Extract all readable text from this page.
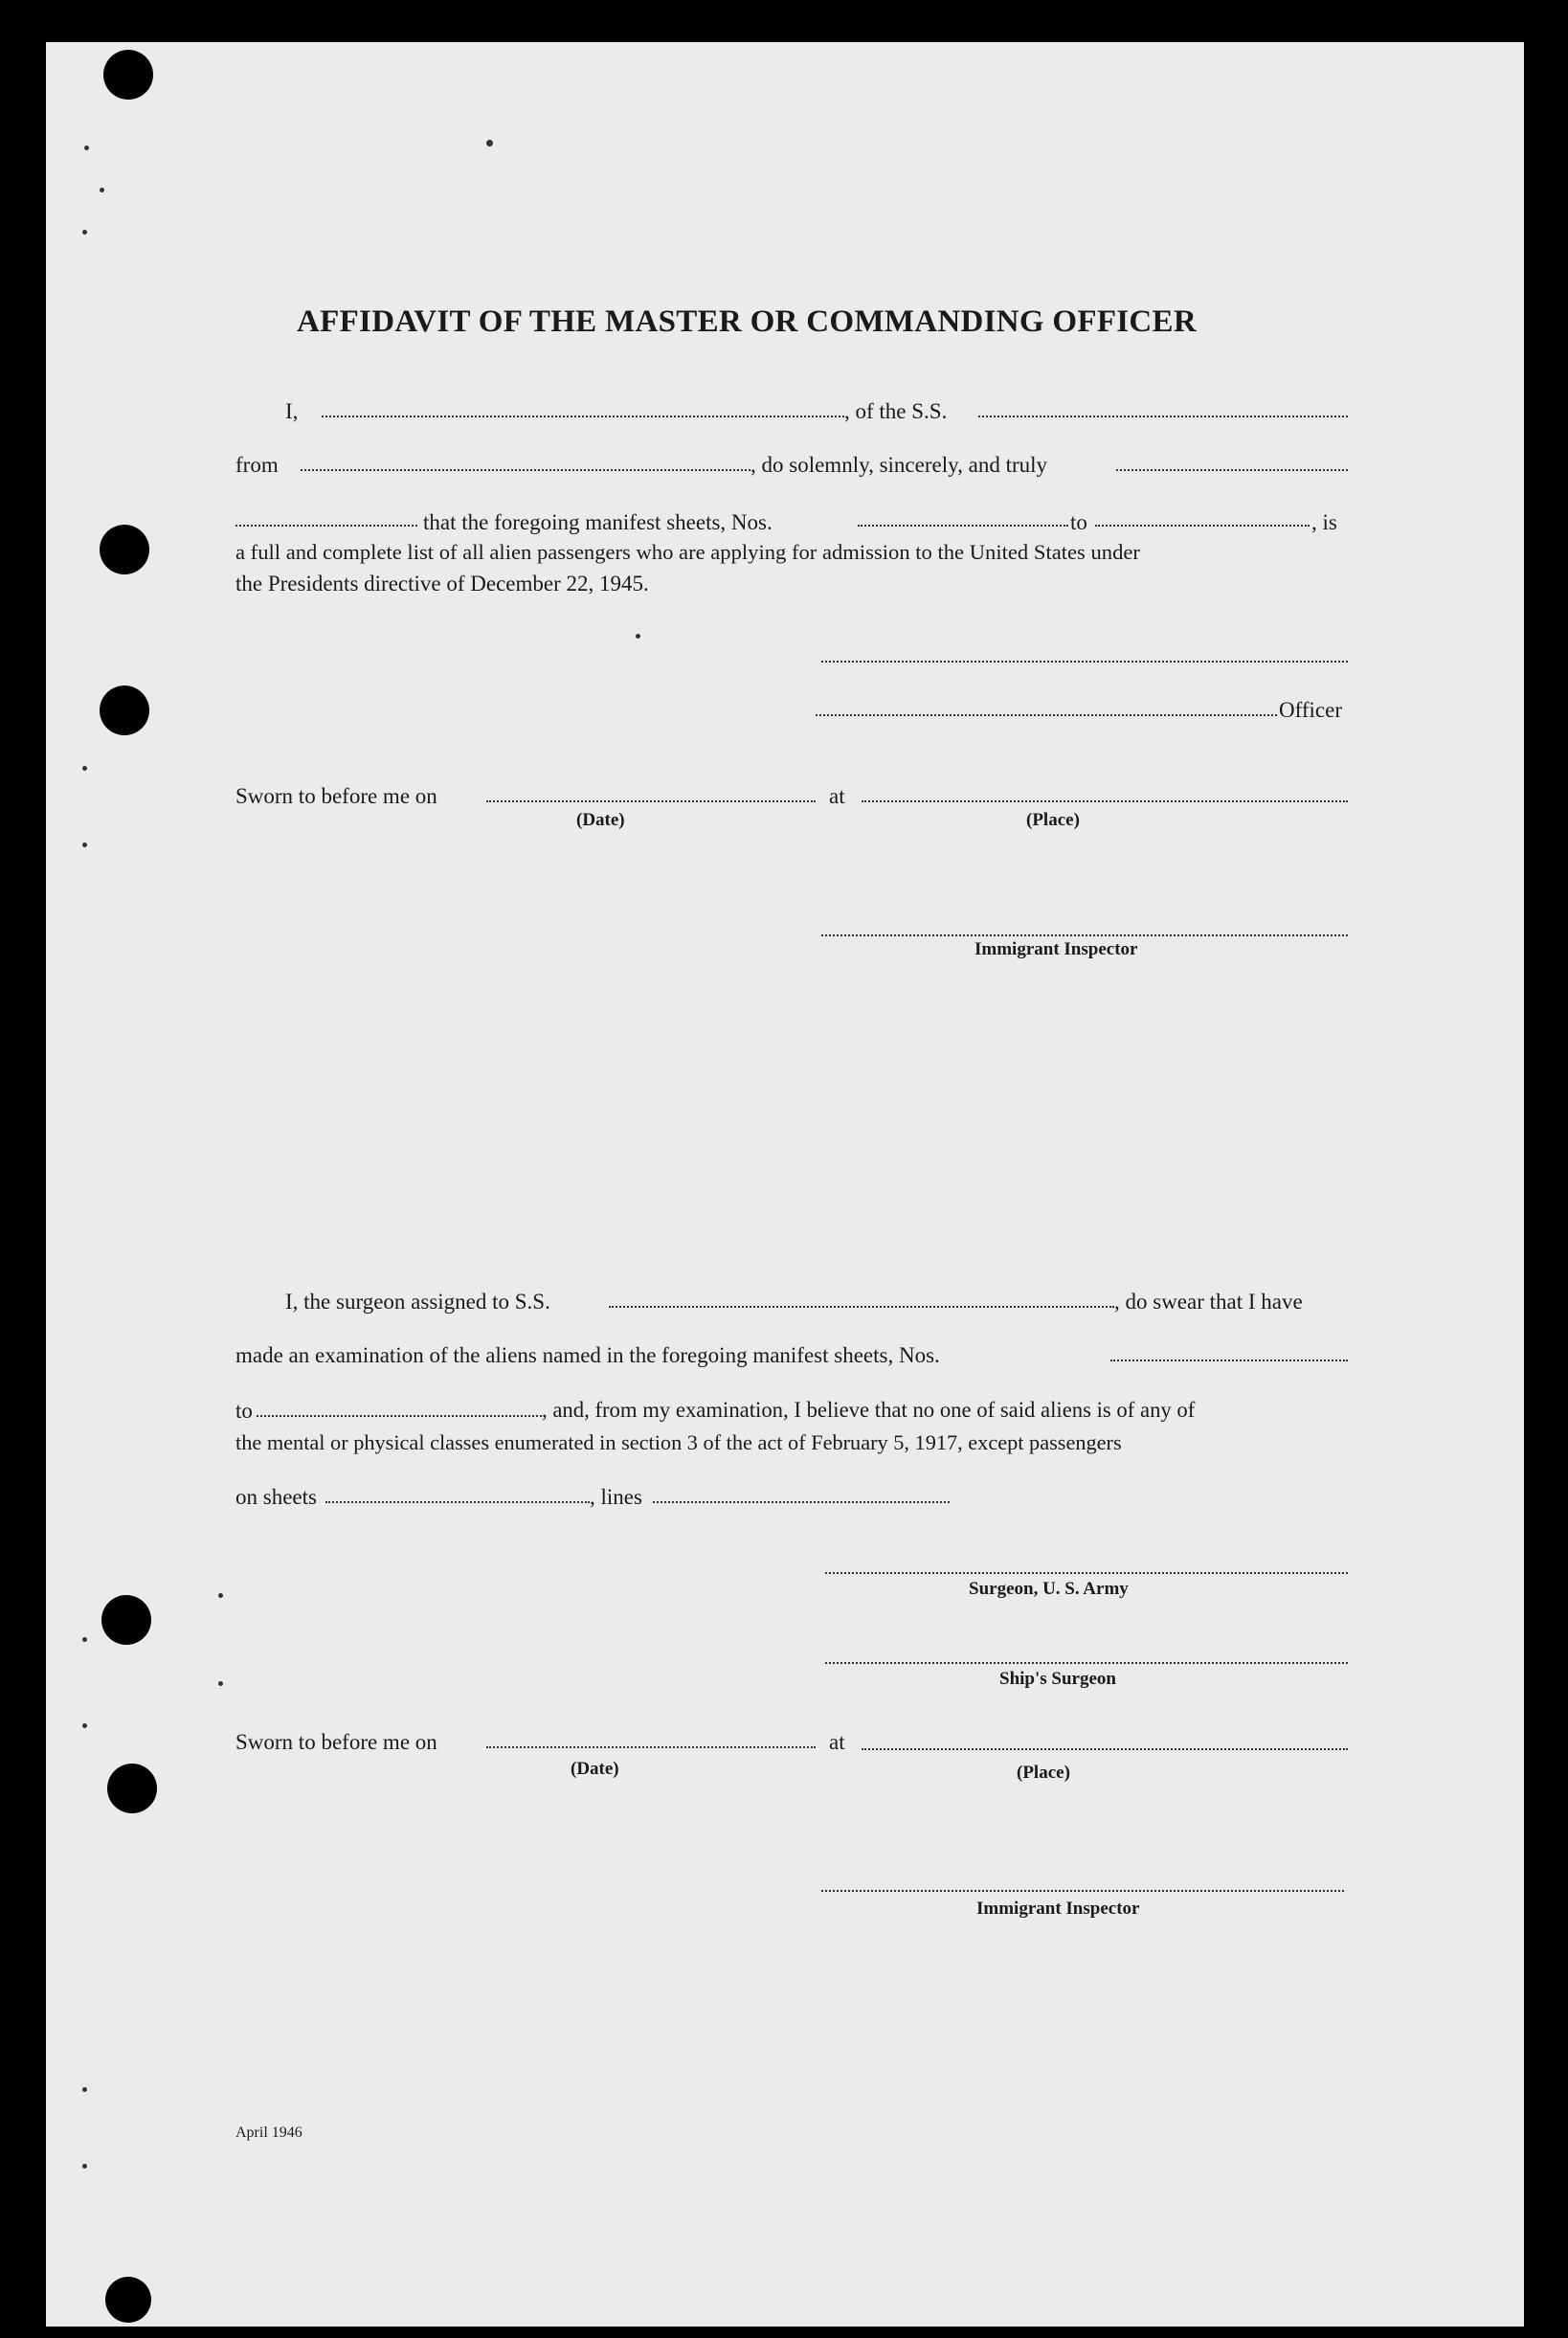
AFFIDAVIT OF THE MASTER OR COMMANDING OFFICER
I,	, of the S.S.
from	, do solemnly, sincerely, and truly
that the foregoing manifest sheets, Nos.	to	, is
a full and complete list of all alien passengers who are applying for admission to the United States under
the Presidents directive of December 22, 1945.
Officer
Sworn to before me on	at
(Date)	(Place)
Immigrant Inspector
I, the surgeon assigned to S.S.	, do swear that I have
made an examination of the aliens named in the foregoing manifest sheets, Nos.
to	, and, from my examination, I believe that no one of said aliens is of any of
the mental or physical classes enumerated in section 3 of the act of February 5, 1917, except passengers
on sheets	, lines
Surgeon, U. S. Army
Ship's Surgeon
Sworn to before me on	at
(Date)	(Place)
Immigrant Inspector
April 1946
